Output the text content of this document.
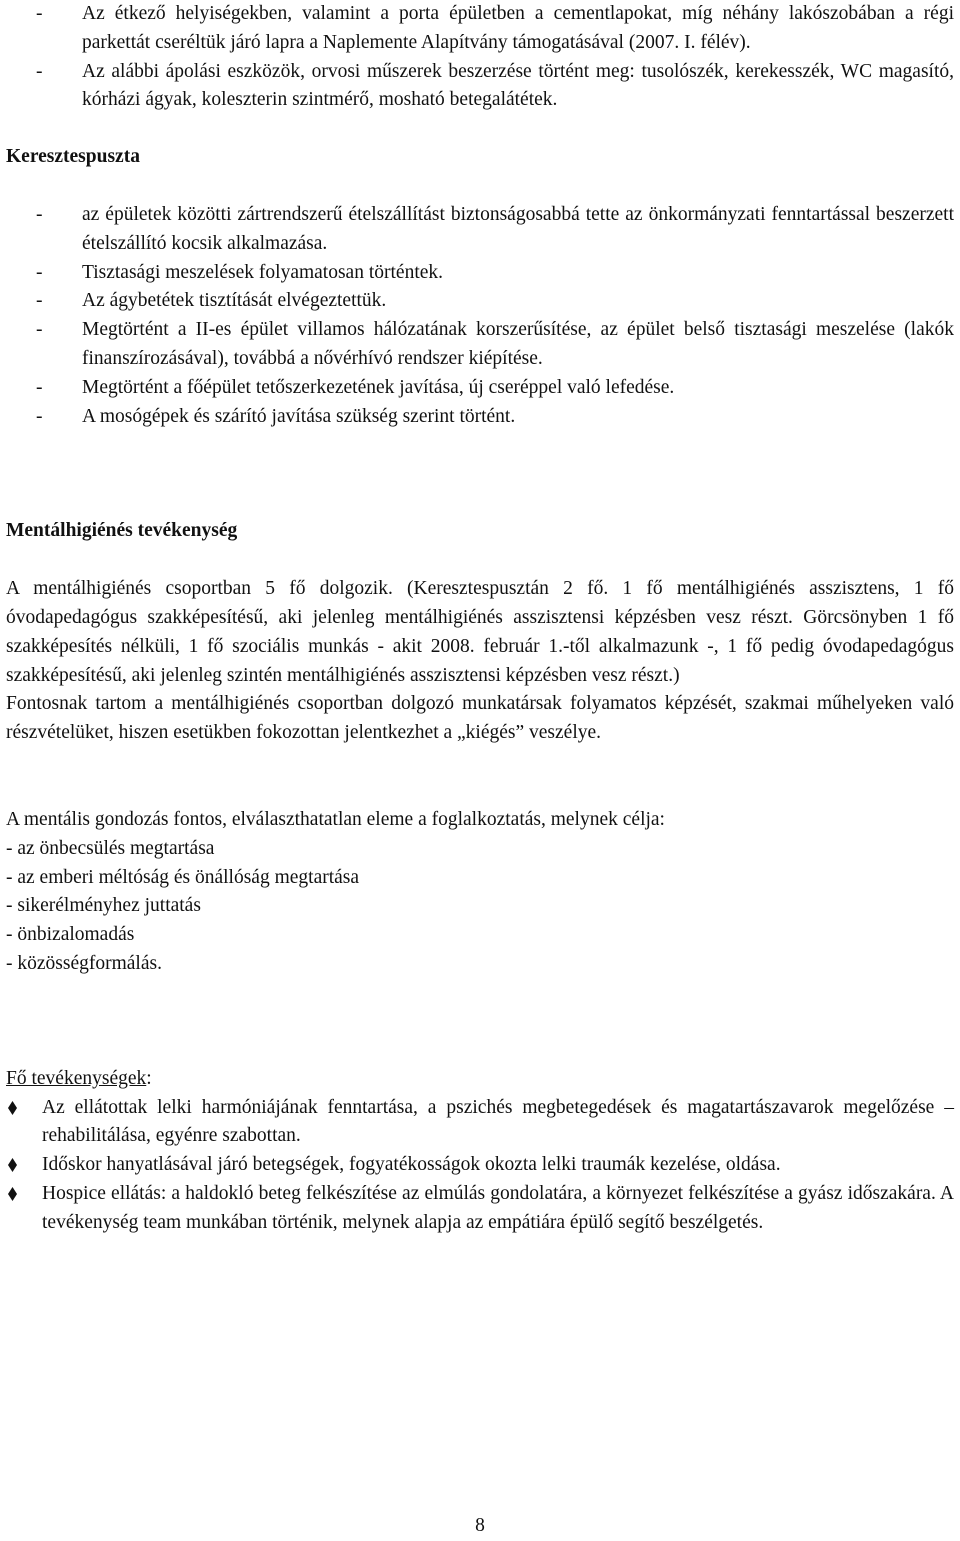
- Az étkező helyiségekben, valamint a porta épületben a cementlapokat, míg néhány lakószobában a régi parkettát cseréltük járó lapra a Naplemente Alapítvány támogatásával (2007. I. félév).
- Az alábbi ápolási eszközök, orvosi műszerek beszerzése történt meg: tusolószék, kerekesszék, WC magasító, kórházi ágyak, koleszterin szintmérő, mosható betegalátétek.

Keresztespuszta

- az épületek közötti zártrendszerű ételszállítást biztonságosabbá tette az önkormányzati fenntartással beszerzett ételszállító kocsik alkalmazása.
- Tisztasági meszelések folyamatosan történtek.
- Az ágybetétek tisztítását elvégeztettük.
- Megtörtént a II-es épület villamos hálózatának korszerűsítése, az épület belső tisztasági meszelése (lakók finanszírozásával), továbbá a nővérhívó rendszer kiépítése.
- Megtörtént a főépület tetőszerkezetének javítása, új cseréppel való lefedése.
- A mosógépek és szárító javítása szükség szerint történt.

Mentálhigiénés tevékenység

A mentálhigiénés csoportban 5 fő dolgozik. (Keresztespusztán 2 fő. 1 fő mentálhigiénés asszisztens, 1 fő óvodapedagógus szakképesítésű, aki jelenleg mentálhigiénés asszisztensi képzésben vesz részt. Görcsönyben 1 fő szakképesítés nélküli, 1 fő szociális munkás - akit 2008. február 1.-től alkalmazunk -, 1 fő pedig óvodapedagógus szakképesítésű, aki jelenleg szintén mentálhigiénés asszisztensi képzésben vesz részt.)

Fontosnak tartom a mentálhigiénés csoportban dolgozó munkatársak folyamatos képzését, szakmai műhelyeken való részvételüket, hiszen esetükben fokozottan jelentkezhet a „kiégés” veszélye.

A mentális gondozás fontos, elválaszthatatlan eleme a foglalkoztatás, melynek célja:

- az önbecsülés megtartása

- az emberi méltóság és önállóság megtartása

- sikerélményhez juttatás

- önbizalomadás

- közösségformálás.

Fő tevékenységek:

Az ellátottak lelki harmóniájának fenntartása, a pszichés megbetegedések és magatartászavarok megelőzése – rehabilitálása, egyénre szabottan.
Időskor hanyatlásával járó betegségek, fogyatékosságok okozta lelki traumák kezelése, oldása.
Hospice ellátás: a haldokló beteg felkészítése az elmúlás gondolatára, a környezet felkészítése a gyász időszakára. A tevékenység team munkában történik, melynek alapja az empátiára épülő segítő beszélgetés.
8
